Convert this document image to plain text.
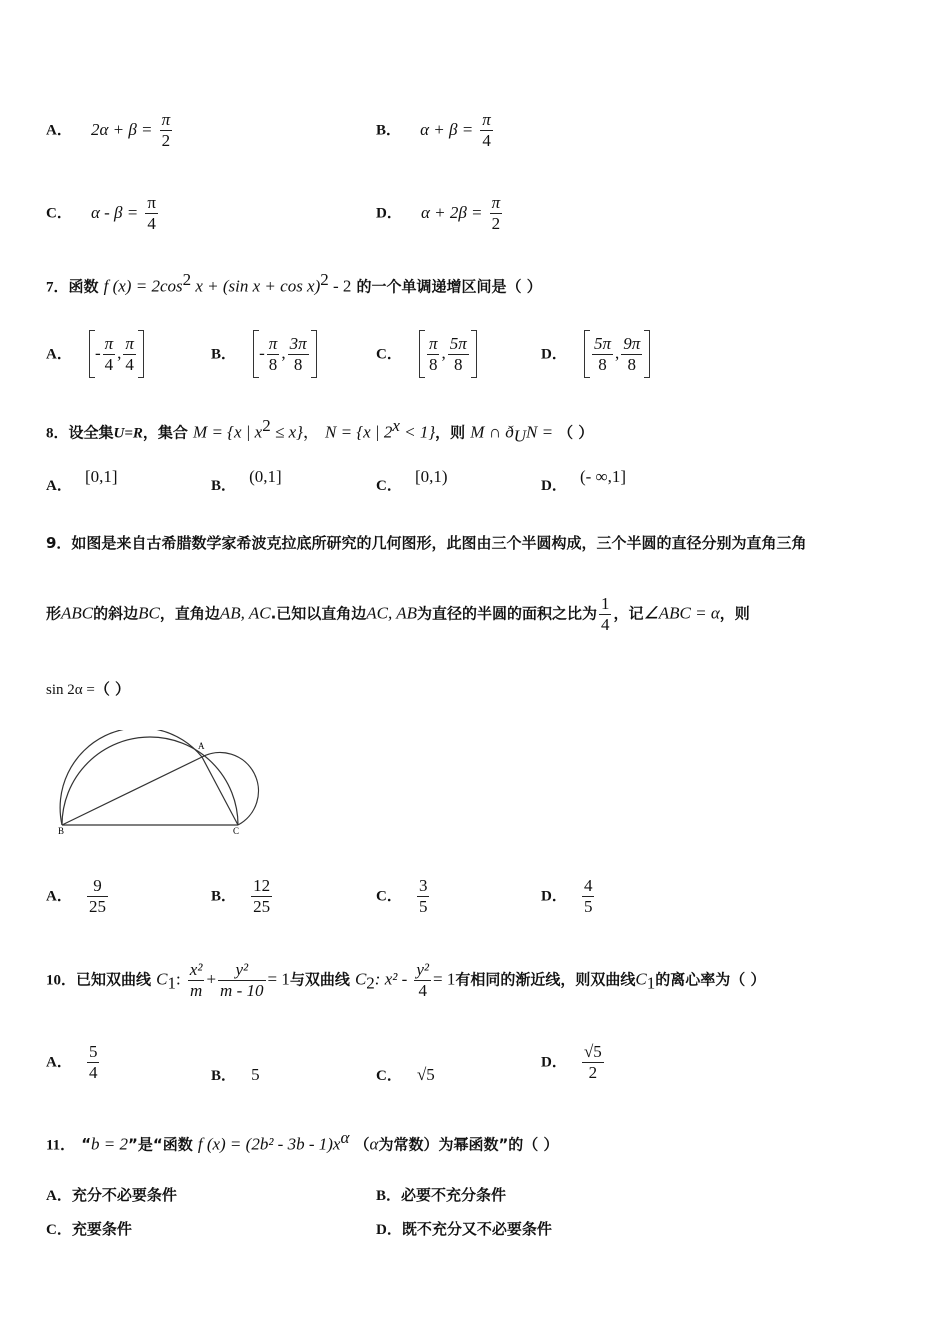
A． $2\alpha + \beta = \frac{\pi}{2}$	B． $\alpha + \beta = \frac{\pi}{4}$
C． $\alpha - \beta = \frac{\pi}{4}$	D． $\alpha + 2\beta = \frac{\pi}{2}$
7．函数 f $(x) = 2\cos^2$ x + (sin x + cos x)$^2$ - 2 的一个单调递增区间是（ ）
A． - $\frac{\pi}{4}$ , $\frac{\pi}{4}$	B． - $\frac{\pi}{8}$ , $\frac{3\pi}{8}$	C． $\frac{\pi}{8}$ , $\frac{5\pi}{8}$	D． $\frac{5\pi}{8}$ , $\frac{9\pi}{8}$
8．设全集U=R，集合 M = {x | $x^2 \le x$}， N = {x | $2^x < 1$}，则 M ∩ $ð_UN$ = （ ）
A． [0,1]	B． (0,1]	C． [0,1)	D． (- ∞,1]
9．如图是来自古希腊数学家希波克拉底所研究的几何图形，此图由三个半圆构成，三个半圆的直径分别为直角三角
形ABC的斜边BC，直角边AB, AC.已知以直角边AC, AB为直径的半圆的面积之比为 $\frac{1}{4}$ ，记∠ABC = α，则
sin 2α =（ ）
A
B	C
A． $\frac{9}{25}$	B． $\frac{12}{25}$	C． $\frac{3}{5}$	D． $\frac{4}{5}$
10．已知双曲线 $C_1$: $\frac{\text{x²}}{m} + \frac{\text{y²}}{m - 10} = 1$与双曲线 $C_2$: $x^2 - \frac{\text{y²}}{4} = 1$有相同的渐近线，则双曲线$C_1$的离心率为（ ）
A． $\frac{5}{4}$	B． 5	C． √5
D． $\frac{√5}{2}$
11． “b = 2”是“函数 f $(x) = (2b^2 - 3b - 1)x^\alpha$ （α为常数）为幂函数”的（ ）
A．充分不必要条件	B．必要不充分条件
C．充要条件	D．既不充分又不必要条件
